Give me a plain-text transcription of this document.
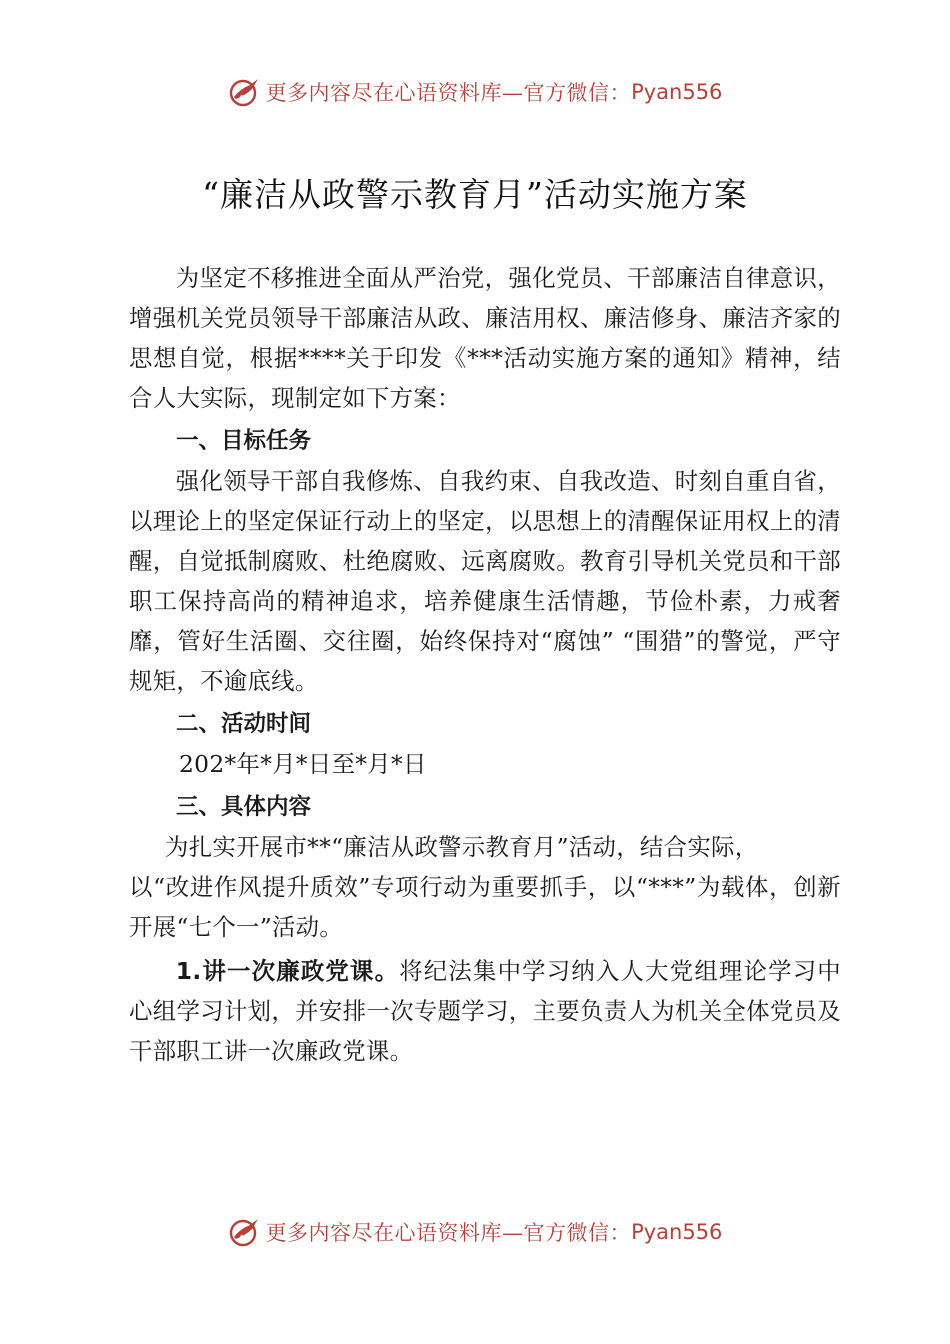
更多内容尽在心语资料库—官方微信： Pyan556
“廉洁从政警示教育月”活动实施方案

为坚定不移推进全面从严治党，强化党员、干部廉洁自律意识，增强机关党员领导干部廉洁从政、廉洁用权、廉洁修身、廉洁齐家的思想自觉，根据****关于印发《***活动实施方案的通知》精神，结合人大实际，现制定如下方案：

一、目标任务

强化领导干部自我修炼、自我约束、自我改造、时刻自重自省，以理论上的坚定保证行动上的坚定，以思想上的清醒保证用权上的清醒，自觉抵制腐败、杜绝腐败、远离腐败。教育引导机关党员和干部职工保持高尚的精神追求，培养健康生活情趣，节俭朴素，力戒奢靡，管好生活圈、交往圈，始终保持对“腐蚀” “围猎”的警觉，严守规矩，不逾底线。

二、活动时间

202*年*月*日至*月*日

三、具体内容

为扎实开展市**“廉洁从政警示教育月”活动，结合实际，
以“改进作风提升质效”专项行动为重要抓手，以“***”为载体，创新开展“七个一”活动。

1.讲一次廉政党课。将纪法集中学习纳入人大党组理论学习中心组学习计划，并安排一次专题学习，主要负责人为机关全体党员及干部职工讲一次廉政党课。

更多内容尽在心语资料库—官方微信： Pyan556
